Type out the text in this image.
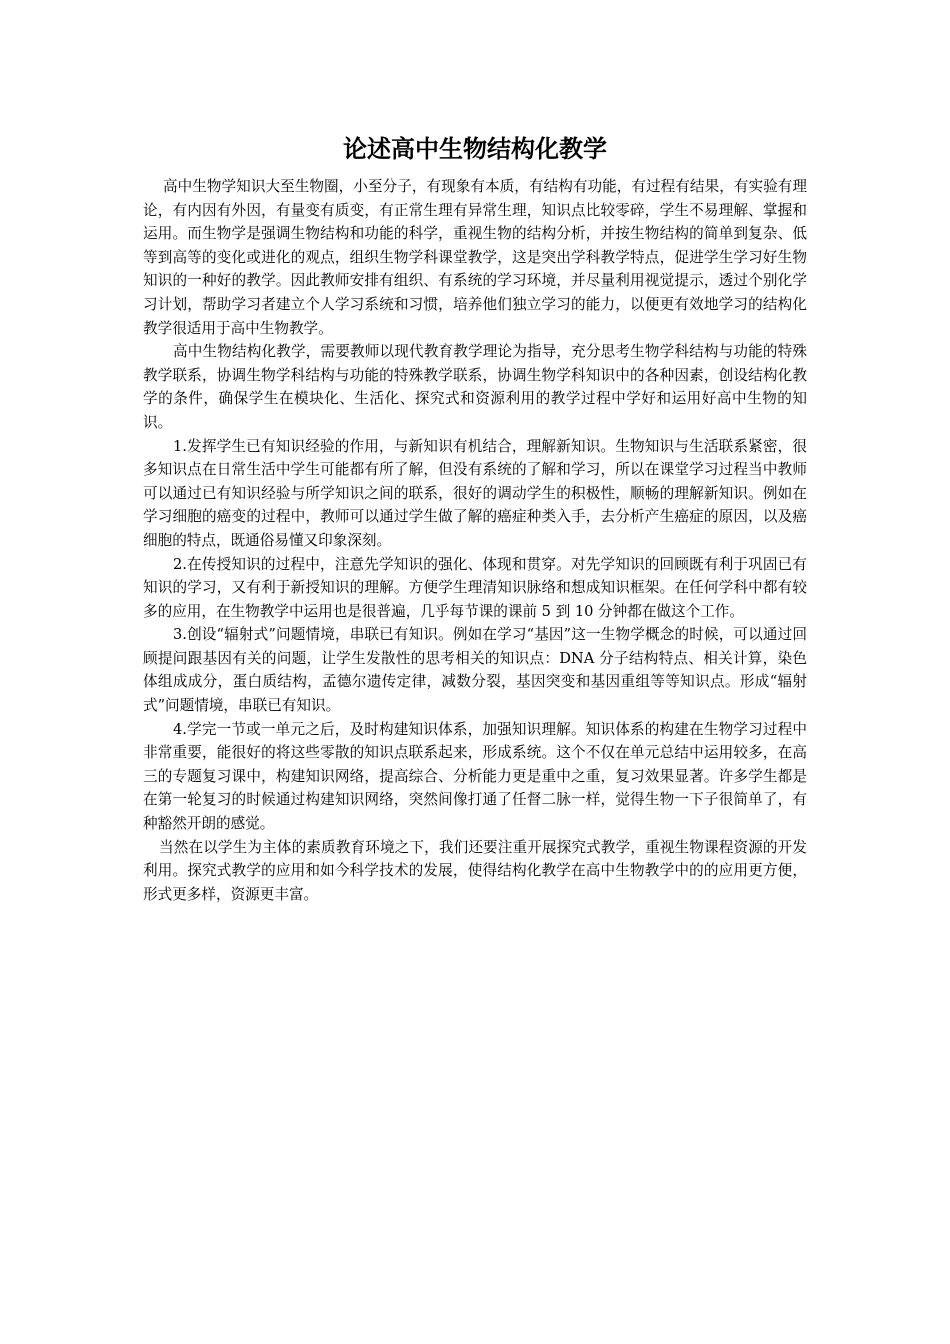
论述高中生物结构化教学

高中生物学知识大至生物圈，小至分子，有现象有本质，有结构有功能，有过程有结果，有实验有理论，有内因有外因，有量变有质变，有正常生理有异常生理，知识点比较零碎，学生不易理解、掌握和运用。而生物学是强调生物结构和功能的科学，重视生物的结构分析，并按生物结构的简单到复杂、低等到高等的变化或进化的观点，组织生物学科课堂教学，这是突出学科教学特点，促进学生学习好生物知识的一种好的教学。因此教师安排有组织、有系统的学习环境，并尽量利用视觉提示，透过个别化学习计划，帮助学习者建立个人学习系统和习惯，培养他们独立学习的能力，以便更有效地学习的结构化教学很适用于高中生物教学。

高中生物结构化教学，需要教师以现代教育教学理论为指导，充分思考生物学科结构与功能的特殊教学联系，协调生物学科结构与功能的特殊教学联系，协调生物学科知识中的各种因素，创设结构化教学的条件，确保学生在模块化、生活化、探究式和资源利用的教学过程中学好和运用好高中生物的知识。

1.发挥学生已有知识经验的作用，与新知识有机结合，理解新知识。生物知识与生活联系紧密，很多知识点在日常生活中学生可能都有所了解，但没有系统的了解和学习，所以在课堂学习过程当中教师可以通过已有知识经验与所学知识之间的联系，很好的调动学生的积极性，顺畅的理解新知识。例如在学习细胞的癌变的过程中，教师可以通过学生做了解的癌症种类入手，去分析产生癌症的原因，以及癌细胞的特点，既通俗易懂又印象深刻。

2.在传授知识的过程中，注意先学知识的强化、体现和贯穿。对先学知识的回顾既有利于巩固已有知识的学习，又有利于新授知识的理解。方便学生理清知识脉络和想成知识框架。在任何学科中都有较多的应用，在生物教学中运用也是很普遍，几乎每节课的课前 5 到 10 分钟都在做这个工作。

3.创设“辐射式”问题情境，串联已有知识。例如在学习“基因”这一生物学概念的时候，可以通过回顾提问跟基因有关的问题，让学生发散性的思考相关的知识点：DNA 分子结构特点、相关计算，染色体组成成分，蛋白质结构，孟德尔遗传定律，减数分裂，基因突变和基因重组等等知识点。形成“辐射式”问题情境，串联已有知识。

4.学完一节或一单元之后，及时构建知识体系，加强知识理解。知识体系的构建在生物学习过程中非常重要，能很好的将这些零散的知识点联系起来，形成系统。这个不仅在单元总结中运用较多，在高三的专题复习课中，构建知识网络，提高综合、分析能力更是重中之重，复习效果显著。许多学生都是在第一轮复习的时候通过构建知识网络，突然间像打通了任督二脉一样，觉得生物一下子很简单了，有种豁然开朗的感觉。

当然在以学生为主体的素质教育环境之下，我们还要注重开展探究式教学，重视生物课程资源的开发利用。探究式教学的应用和如今科学技术的发展，使得结构化教学在高中生物教学中的的应用更方便，形式更多样，资源更丰富。
